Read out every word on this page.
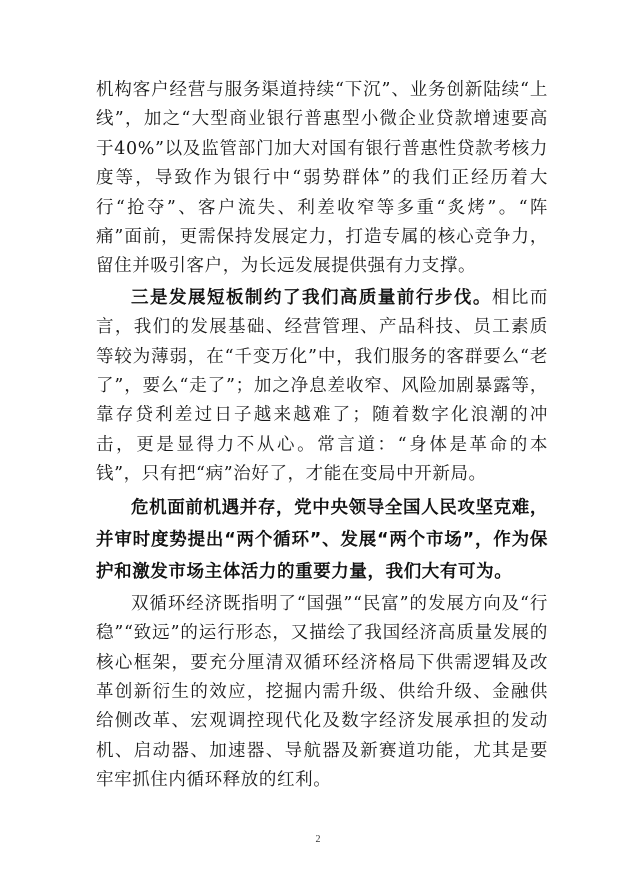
机构客户经营与服务渠道持续“下沉”、业务创新陆续“上线”，加之“大型商业银行普惠型小微企业贷款增速要高于40%”以及监管部门加大对国有银行普惠性贷款考核力度等，导致作为银行中“弱势群体”的我们正经历着大行“抢夺”、客户流失、利差收窄等多重“炙烤”。“阵痛”面前，更需保持发展定力，打造专属的核心竞争力，留住并吸引客户，为长远发展提供强有力支撑。

三是发展短板制约了我们高质量前行步伐。相比而言，我们的发展基础、经营管理、产品科技、员工素质等较为薄弱，在“千变万化”中，我们服务的客群要么“老了”，要么“走了”；加之净息差收窄、风险加剧暴露等，靠存贷利差过日子越来越难了；随着数字化浪潮的冲击，更是显得力不从心。常言道：“身体是革命的本钱”，只有把“病”治好了，才能在变局中开新局。

危机面前机遇并存，党中央领导全国人民攻坚克难，并审时度势提出“两个循环”、发展“两个市场”，作为保护和激发市场主体活力的重要力量，我们大有可为。

双循环经济既指明了“国强”“民富”的发展方向及“行稳”“致远”的运行形态，又描绘了我国经济高质量发展的核心框架，要充分厘清双循环经济格局下供需逻辑及改革创新衍生的效应，挖掘内需升级、供给升级、金融供给侧改革、宏观调控现代化及数字经济发展承担的发动机、启动器、加速器、导航器及新赛道功能，尤其是要牢牢抓住内循环释放的红利。

2
